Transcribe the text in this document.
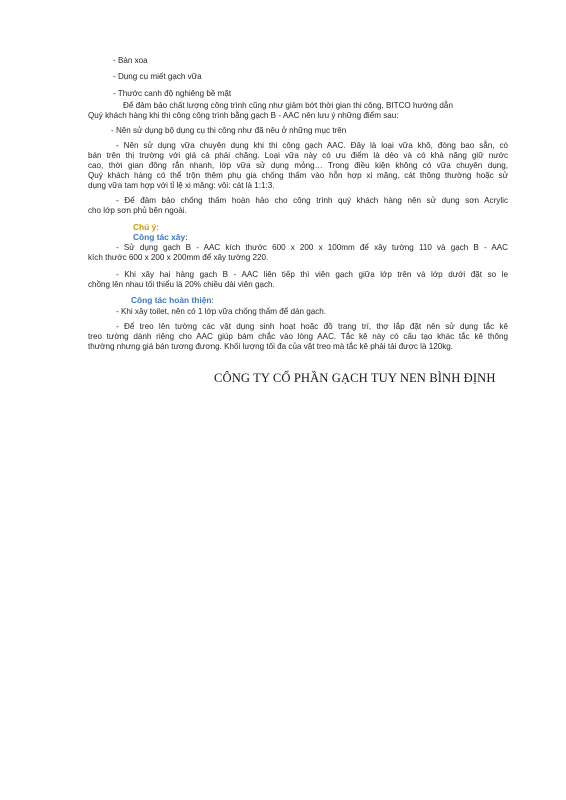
- Bàn xoa
- Dụng cụ miết gạch vữa
- Thước canh độ nghiêng bề mặt
Để đảm bảo chất lượng công trình cũng như giảm bớt thời gian thi công, BITCO hướng dẫn
Quý khách hàng khi thi công công trình bằng gạch B - AAC nên lưu ý những điểm sau:
- Nên sử dụng bộ dụng cụ thi công như đã nêu ở những mục trên
- Nên sử dụng vữa chuyên dụng khi thi công gạch AAC. Đây là loại vữa khô, đóng bao sẵn, có
bán trên thị trường với giá cả phải chăng. Loại vữa này có ưu điểm là dẻo và có khả năng giữ nước
cao, thời gian đông rắn nhanh, lớp vữa sử dụng mỏng… Trong điều kiện không có vữa chuyên dụng,
Quý khách hàng có thể trộn thêm phụ gia chống thấm vào hỗn hợp xi măng, cát thông thường hoặc sử
dụng vữa tam hợp với tỉ lệ xi măng: vôi: cát là 1:1:3.
- Để đảm bảo chống thấm hoàn hảo cho công trình quý khách hàng nên sử dụng sơn Acrylic
cho lớp sơn phủ bên ngoài.
Chú ý:
Công tác xây:
- Sử dụng gạch B - AAC kích thước 600 x 200 x 100mm để xây tường 110 và gạch B - AAC
kích thước 600 x 200 x 200mm để xây tường 220.
- Khi xây hai hàng gạch B - AAC liên tiếp thì viên gạch giữa lớp trên và lớp dưới đặt so le
chồng lên nhau tối thiểu là 20% chiều dài viên gạch.
Công tác hoàn thiện:
- Khi xây toilet, nên có 1 lớp vữa chống thấm để dán gạch.
- Để treo lên tường các vật dụng sinh hoạt hoặc đồ trang trí, thợ lắp đặt nên sử dụng tắc kê
treo tường dành riêng cho AAC giúp bám chắc vào lòng AAC. Tắc kê này có cấu tạo khác tắc kê thông
thường nhưng giá bán tương đương. Khối lượng tối đa của vật treo mà tắc kê phải tải được là 120kg.
CÔNG TY CỔ PHẦN GẠCH TUY NEN BÌNH ĐỊNH
